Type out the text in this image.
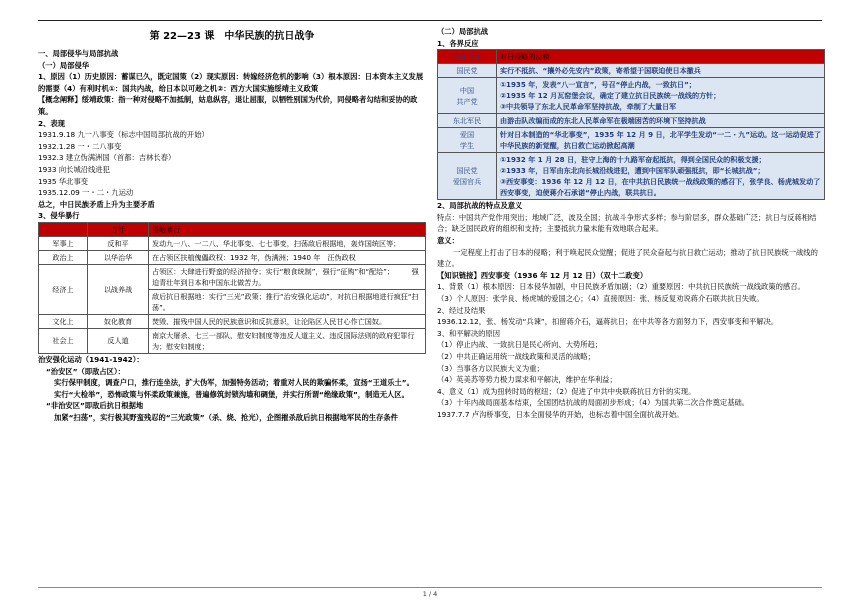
第 22—23 课　中华民族的抗日战争

一、局部侵华与局部抗战

（一）局部侵华

1、原因（1）历史原因：蓄谋已久，既定国策（2）现实原因：转嫁经济危机的影响（3）根本原因：日本资本主义发展的需要（4）有利时机①：国共内战，给日本以可趁之机②：西方大国实施绥靖主义政策

【概念阐释】绥靖政策：指一种对侵略不加抵制，姑息纵容，退让屈服，以牺牲别国为代价，同侵略者勾结和妥协的政策。

2、表现

1931.9.18 九一八事变（标志中国局部抗战的开始）

1932.1.28 一・二八事变

1932.3 建立伪满洲国（首都：吉林长春）

1933 向长城沿线进犯

1935 华北事变

1935.12.09 一・二・九运动

总之，中日民族矛盾上升为主要矛盾

3、侵华暴行

	方针	侵略暴行
军事上	反和平	发动九一八、一二八、华北事变、七七事变，扫荡敌后根据地，轰炸国统区等；
政治上	以华治华	在占领区扶植傀儡政权：1932 年，伪满洲；1940 年　汪伪政权
经济上	以战养战	占领区：大肆进行野蛮的经济掠夺；实行“粮食统制”，强行“征购”和“配给”；　　　强迫青壮年到日本和中国东北做苦力。
		敌后抗日根据地：实行“三光”政策；推行“治安强化运动”，对抗日根据地进行疯狂“扫荡”。
文化上	奴化教育	焚毁、摧残中国人民的民族意识和反抗意识，让沦陷区人民甘心作亡国奴。
社会上	反人道	南京大屠杀、七三一部队、慰安妇制度等违反人道主义、违反国际法则的政府犯罪行为；慰安妇制度；

治安强化运动（1941-1942）：

“治安区”（即敌占区）：

实行保甲制度，调查户口，推行连坐法，扩大伪军，加强特务活动；着重对人民的欺骗怀柔，宣扬“王道乐土”。

实行“大检举”，恐怖政策与怀柔政策兼施，普遍修筑封锁沟墙和碉堡，并实行所谓“绝缘政策”，制造无人区。

“非治安区”即敌后抗日根据地

加紧“扫荡”，实行极其野蛮残忍的“三光政策”（杀、烧、抢光），企图摧杀敌后抗日根据地军民的生存条件

（二）局部抗战

1、各界反应

各界力量	对日侵略的反映
国民党	实行不抵抗、“攘外必先安内”政策，寄希望于国联迫使日本撤兵
中国
共产党	①1935 年，发表“八一宣言”，号召“停止内战，一致抗日”；
②1935 年 12 月瓦窑堡会议，确定了建立抗日民族统一战线的方针；
③中共领导了东北人民革命军坚持抗战，牵制了大量日军
东北军民	由游击队改编而成的东北人民革命军在极端困苦的环境下坚持抗战
爱国
学生	针对日本制造的“华北事变”，1935 年 12 月 9 日，北平学生发动“一二・九”运动。这一运动促进了中华民族的新觉醒，抗日救亡运动掀起高潮
国民党
爱国官兵	①1932 年 1 月 28 日，驻守上海的十九路军奋起抵抗，得到全国民众的积极支援；
②1933 年，日军由东北向长城沿线进犯，遭到中国军队顽强抵抗，即“长城抗战”；
③西安事变：1936 年 12 月 12 日，在中共抗日民族统一战线政策的感召下，张学良、杨虎城发动了西安事变，迫使蒋介石承诺“停止内战，联共抗日。

2、局部抗战的特点及意义

特点：中国共产党作用突出；地域广泛，波及全国；抗战斗争形式多样；参与阶层多，群众基础广泛；抗日与反蒋相结合；缺乏国民政府的组织和支持；主要抵抗力量未能有效地联合起来。

意义：

一定程度上打击了日本的侵略；利于唤起民众觉醒；促进了民众奋起与抗日救亡运动；推动了抗日民族统一战线的建立。

【知识链接】西安事变（1936 年 12 月 12 日）（双十二政变）

1、背景（1）根本原因：日本侵华加剧，中日民族矛盾加剧；（2）重要原因：中共抗日民族统一战线政策的感召。

（3）个人原因：张学良、杨虎城的爱国之心；（4）直接原因：张、杨反复劝说蒋介石联共抗日失败。

2、经过及结果

1936.12.12，张、杨发动“兵谏”，扣留蒋介石，逼蒋抗日；在中共等各方面努力下，西安事变和平解决。

3、和平解决的原因

（1）停止内战、一致抗日是民心所向、大势所趋；

（2）中共正确运用统一战线政策和灵活的战略；

（3）当事各方以民族大义为重；

（4）英美苏等势力极力谋求和平解决，维护在华利益；

4、意义（1）成为扭转时局的枢纽；（2）促进了中共中央联蒋抗日方针的实现。

（3）十年内战局面基本结束，全国团结抗战的局面初步形成；（4）为国共第二次合作奠定基础。

1937.7.7 卢沟桥事变，日本全面侵华的开始，也标志着中国全面抗战开始。

1 / 4
